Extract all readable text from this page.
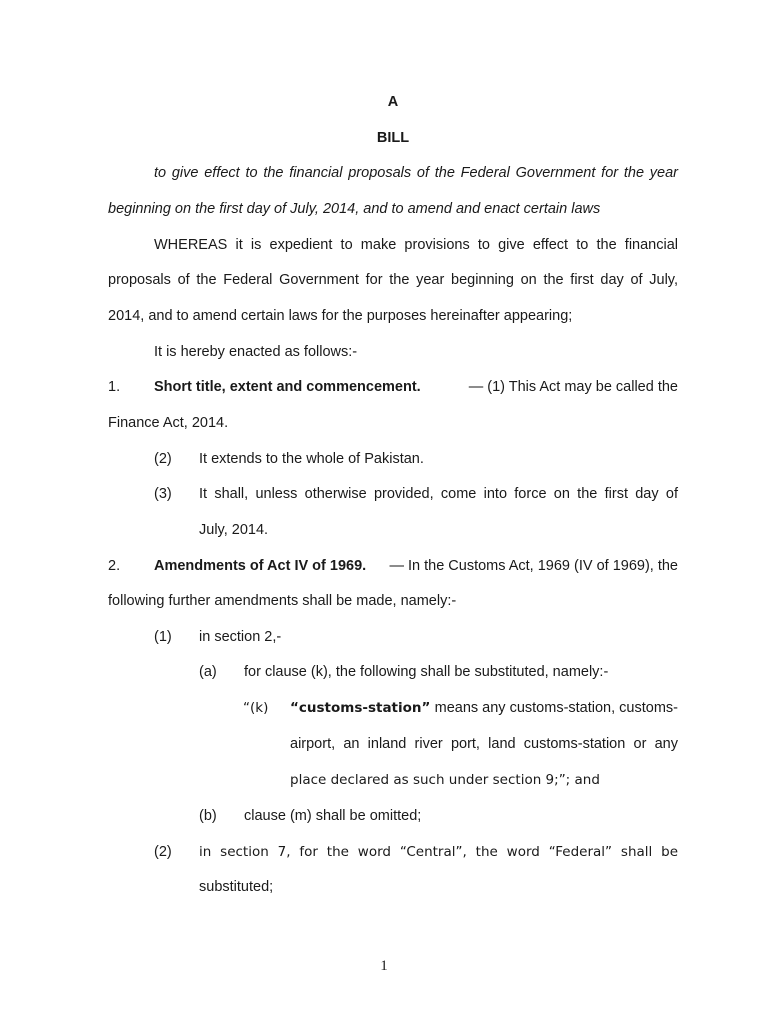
A
BILL
to give effect to the financial proposals of the Federal Government for the year
beginning on the first day of July, 2014, and to amend and enact certain laws
WHEREAS it is expedient to make provisions to give effect to the financial
proposals of the Federal Government for the year beginning on the first day of July,
2014, and to amend certain laws for the purposes hereinafter appearing;
It is hereby enacted as follows:-
1. Short title, extent and commencement.	— (1) This Act may be called the
Finance Act, 2014.
(2) It extends to the whole of Pakistan.
(3) It shall, unless otherwise provided, come into force on the first day of
July, 2014.
2. Amendments of Act IV of 1969. — In the Customs Act, 1969 (IV of 1969), the
following further amendments shall be made, namely:-
(1) in section 2,-
(a) for clause (k), the following shall be substituted, namely:-
“(k) “customs-station” means any customs-station, customs-
airport, an inland river port, land customs-station or any
place declared as such under section 9;”; and
(b) clause (m) shall be omitted;
(2) in section 7, for the word “Central”, the word “Federal” shall be
substituted;
1
